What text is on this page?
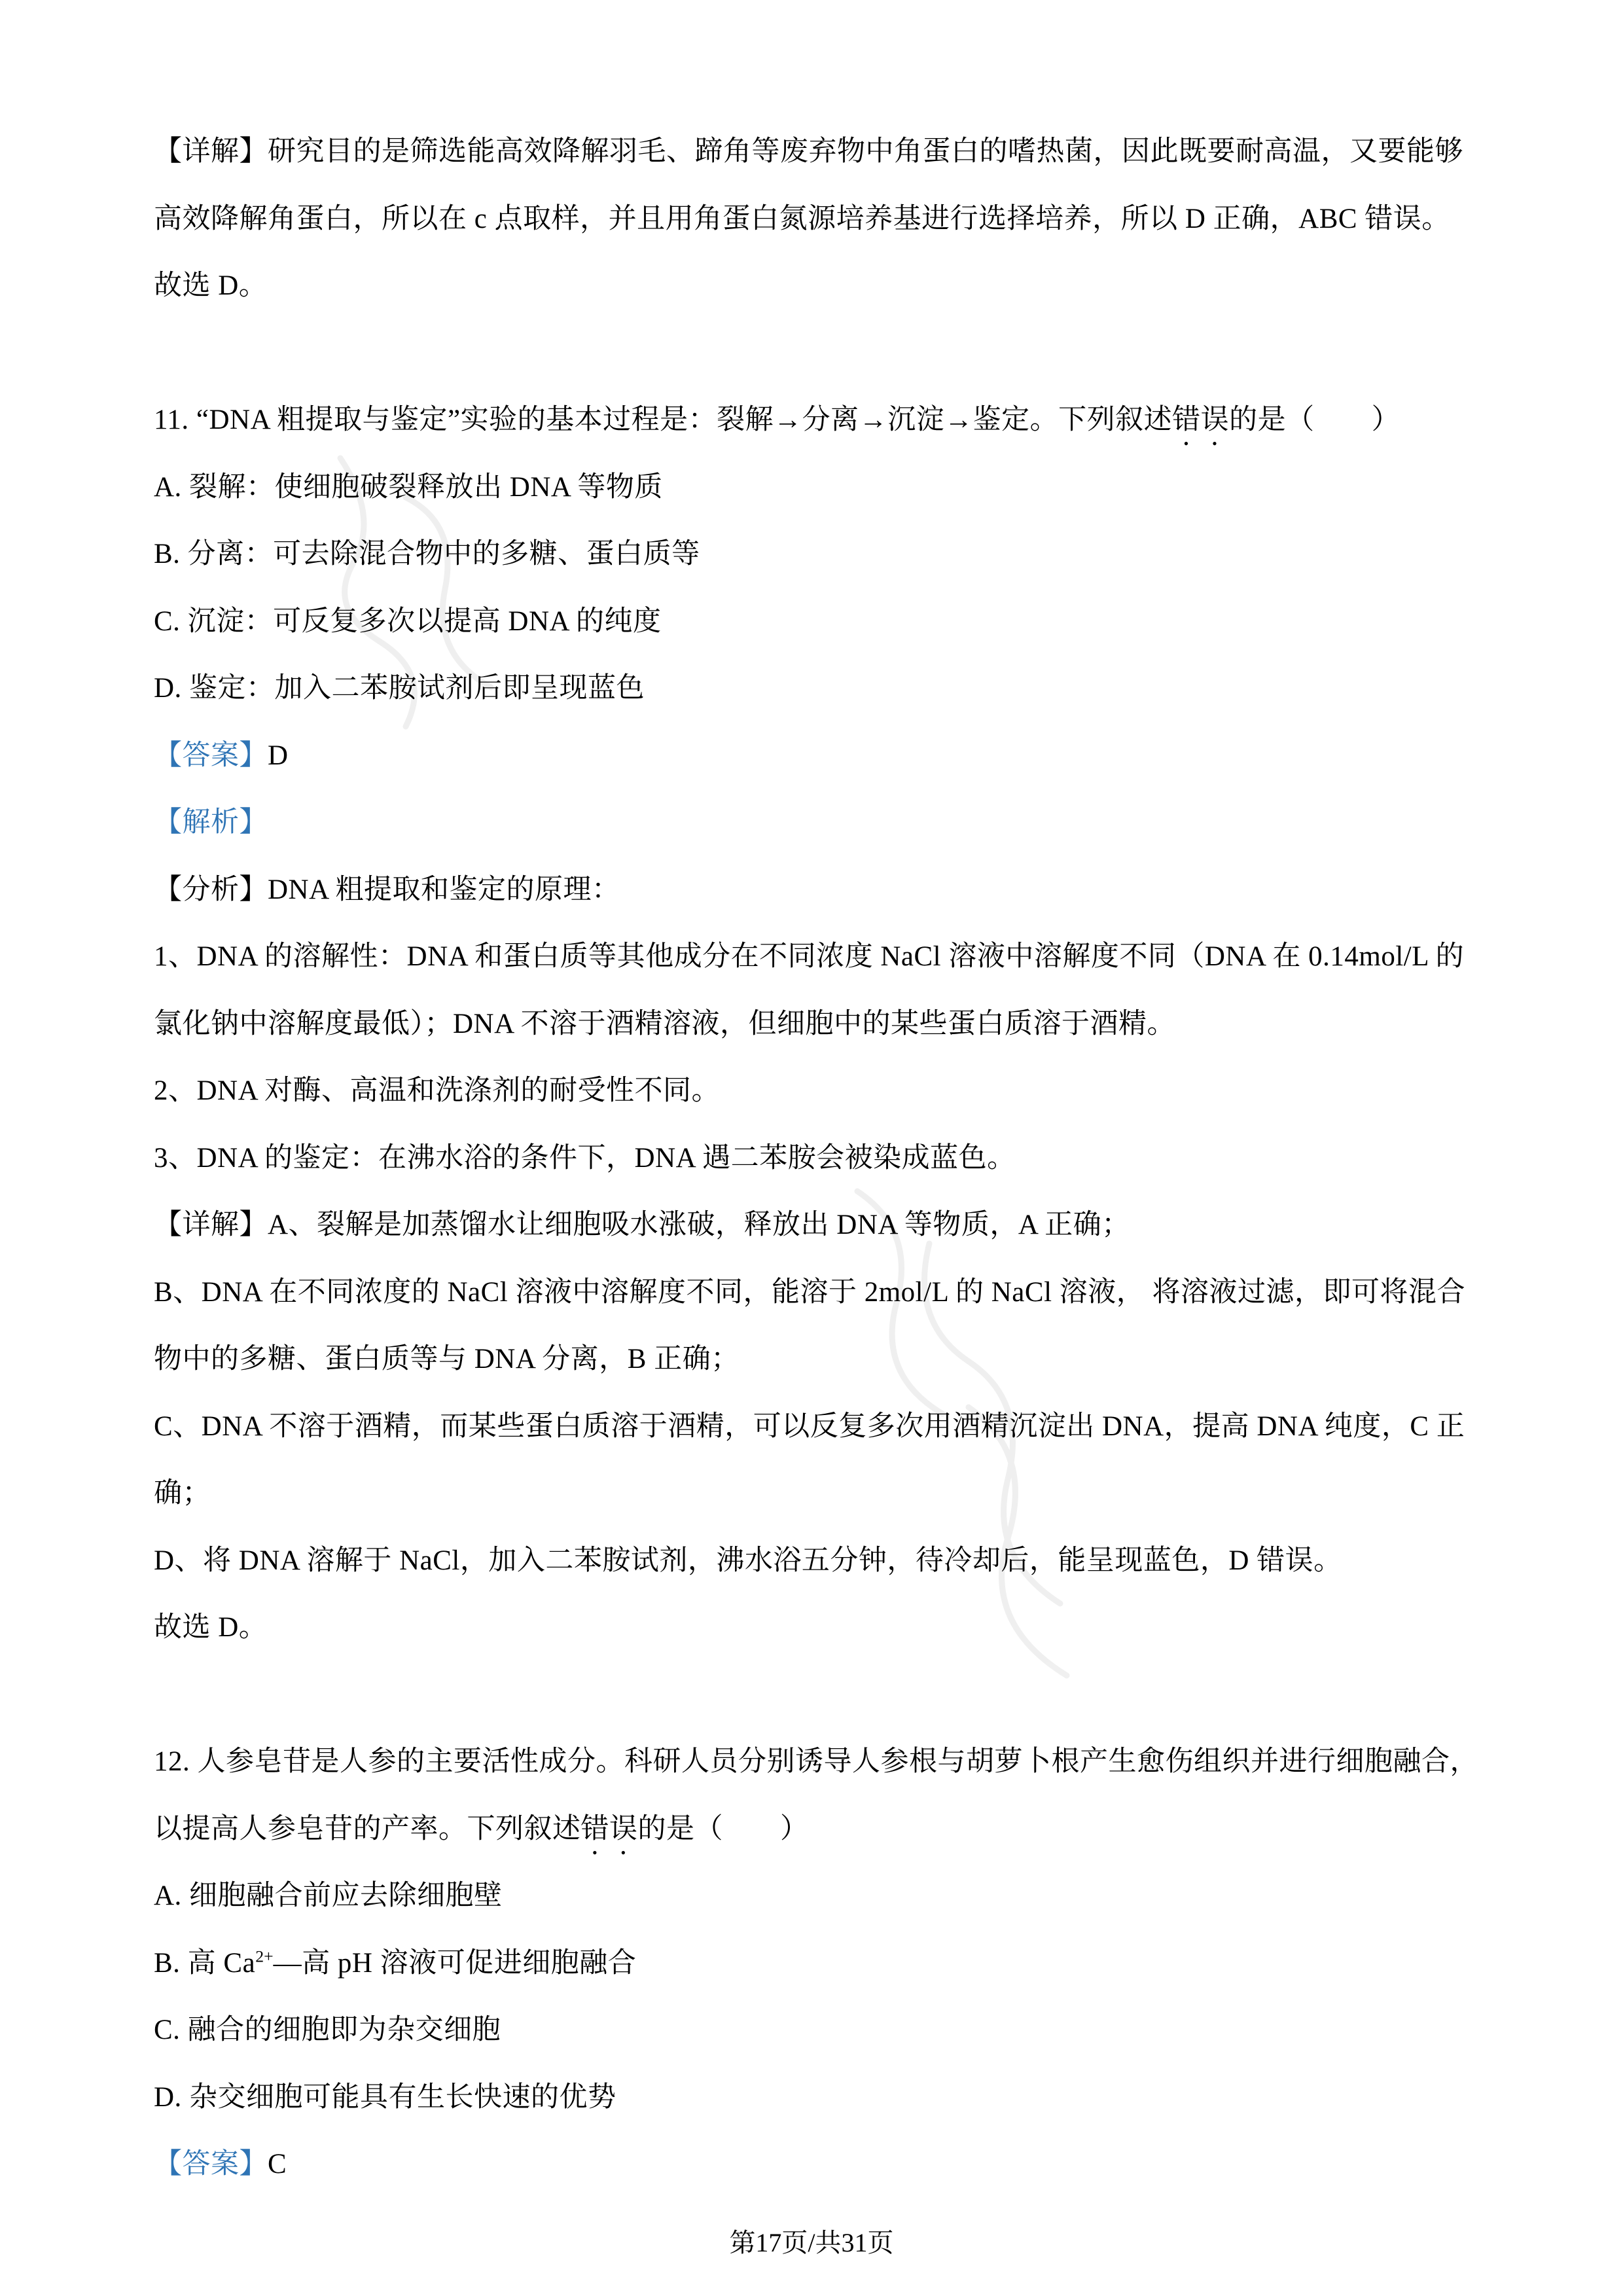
【详解】研究目的是筛选能高效降解羽毛、蹄角等废弃物中角蛋白的嗜热菌，因此既要耐高温，又要能够
高效降解角蛋白，所以在 c 点取样，并且用角蛋白氮源培养基进行选择培养，所以 D 正确，ABC 错误。
故选 D。
11. “DNA 粗提取与鉴定”实验的基本过程是：裂解→分离→沉淀→鉴定。下列叙述错误的是（　　）
A. 裂解：使细胞破裂释放出 DNA 等物质
B. 分离：可去除混合物中的多糖、蛋白质等
C. 沉淀：可反复多次以提高 DNA 的纯度
D. 鉴定：加入二苯胺试剂后即呈现蓝色
【答案】D
【解析】
【分析】DNA 粗提取和鉴定的原理：
1、DNA 的溶解性：DNA 和蛋白质等其他成分在不同浓度 NaCl 溶液中溶解度不同（DNA 在 0.14mol/L 的
氯化钠中溶解度最低）；DNA 不溶于酒精溶液，但细胞中的某些蛋白质溶于酒精。
2、DNA 对酶、高温和洗涤剂的耐受性不同。
3、DNA 的鉴定：在沸水浴的条件下，DNA 遇二苯胺会被染成蓝色。
【详解】A、裂解是加蒸馏水让细胞吸水涨破，释放出 DNA 等物质，A 正确；
B、DNA 在不同浓度的 NaCl 溶液中溶解度不同，能溶于 2mol/L 的 NaCl 溶液， 将溶液过滤，即可将混合
物中的多糖、蛋白质等与 DNA 分离，B 正确；
C、DNA 不溶于酒精，而某些蛋白质溶于酒精，可以反复多次用酒精沉淀出 DNA，提高 DNA 纯度，C 正
确；
D、将 DNA 溶解于 NaCl，加入二苯胺试剂，沸水浴五分钟，待冷却后，能呈现蓝色，D 错误。
故选 D。
12. 人参皂苷是人参的主要活性成分。科研人员分别诱导人参根与胡萝卜根产生愈伤组织并进行细胞融合，
以提高人参皂苷的产率。下列叙述错误的是（　　）
A. 细胞融合前应去除细胞壁
B. 高 $Ca^{2+}—$高 pH 溶液可促进细胞融合
C. 融合的细胞即为杂交细胞
D. 杂交细胞可能具有生长快速的优势
【答案】C
第17页/共31页
